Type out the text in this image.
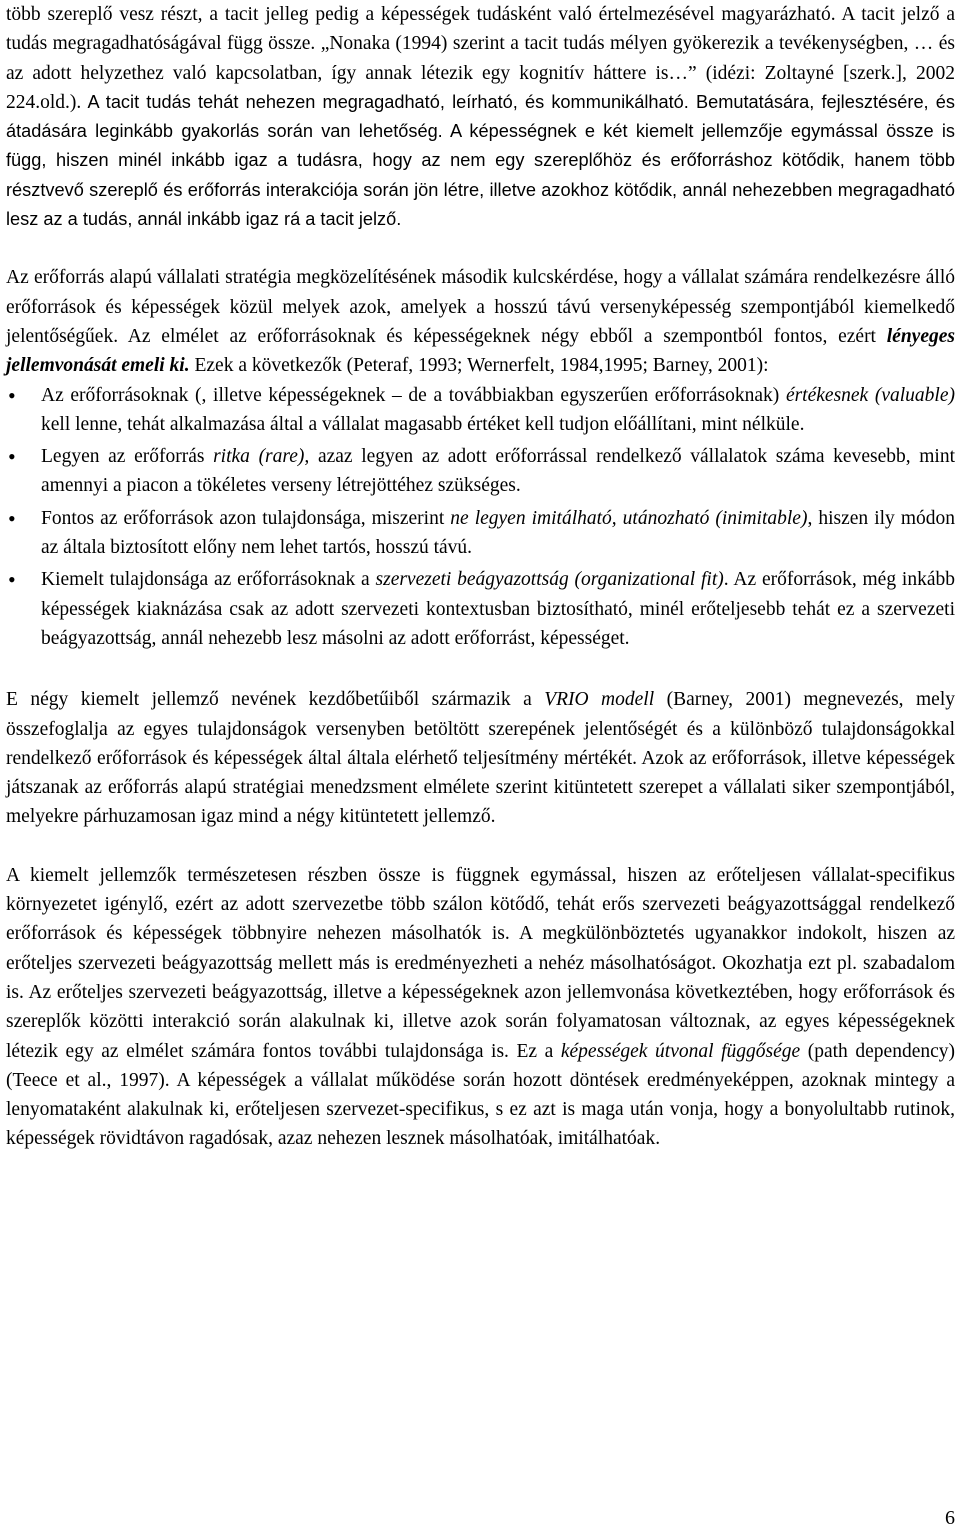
több szereplő vesz részt, a tacit jelleg pedig a képességek tudásként való értelmezésével magyarázható. A tacit jelző a tudás megragadhatóságával függ össze. „Nonaka (1994) szerint a tacit tudás mélyen gyökerezik a tevékenységben, … és az adott helyzethez való kapcsolatban, így annak létezik egy kognitív háttere is…” (idézi: Zoltayné [szerk.], 2002 224.old.). A tacit tudás tehát nehezen megragadható, leírható, és kommunikálható. Bemutatására, fejlesztésére, és átadására leginkább gyakorlás során van lehetőség. A képességnek e két kiemelt jellemzője egymással össze is függ, hiszen minél inkább igaz a tudásra, hogy az nem egy szereplőhöz és erőforráshoz kötődik, hanem több résztvevő szereplő és erőforrás interakciója során jön létre, illetve azokhoz kötődik, annál nehezebben megragadható lesz az a tudás, annál inkább igaz rá a tacit jelző.

Az erőforrás alapú vállalati stratégia megközelítésének második kulcskérdése, hogy a vállalat számára rendelkezésre álló erőforrások és képességek közül melyek azok, amelyek a hosszú távú versenyképesség szempontjából kiemelkedő jelentőségűek. Az elmélet az erőforrásoknak és képességeknek négy ebből a szempontból fontos, ezért lényeges jellemvonását emeli ki. Ezek a következők (Peteraf, 1993; Wernerfelt, 1984,1995; Barney, 2001):

• Az erőforrásoknak (, illetve képességeknek – de a továbbiakban egyszerűen erőforrásoknak) értékesnek (valuable) kell lenne, tehát alkalmazása által a vállalat magasabb értéket kell tudjon előállítani, mint nélküle.
• Legyen az erőforrás ritka (rare), azaz legyen az adott erőforrással rendelkező vállalatok száma kevesebb, mint amennyi a piacon a tökéletes verseny létrejöttéhez szükséges.
• Fontos az erőforrások azon tulajdonsága, miszerint ne legyen imitálható, utánozható (inimitable), hiszen ily módon az általa biztosított előny nem lehet tartós, hosszú távú.
• Kiemelt tulajdonsága az erőforrásoknak a szervezeti beágyazottság (organizational fit). Az erőforrások, még inkább képességek kiaknázása csak az adott szervezeti kontextusban biztosítható, minél erőteljesebb tehát ez a szervezeti beágyazottság, annál nehezebb lesz másolni az adott erőforrást, képességet.

E négy kiemelt jellemző nevének kezdőbetűiből származik a VRIO modell (Barney, 2001) megnevezés, mely összefoglalja az egyes tulajdonságok versenyben betöltött szerepének jelentőségét és a különböző tulajdonságokkal rendelkező erőforrások és képességek által általa elérhető teljesítmény mértékét. Azok az erőforrások, illetve képességek játszanak az erőforrás alapú stratégiai menedzsment elmélete szerint kitüntetett szerepet a vállalati siker szempontjából, melyekre párhuzamosan igaz mind a négy kitüntetett jellemző.

A kiemelt jellemzők természetesen részben össze is függnek egymással, hiszen az erőteljesen vállalat-specifikus környezetet igénylő, ezért az adott szervezetbe több szálon kötődő, tehát erős szervezeti beágyazottsággal rendelkező erőforrások és képességek többnyire nehezen másolhatók is. A megkülönböztetés ugyanakkor indokolt, hiszen az erőteljes szervezeti beágyazottság mellett más is eredményezheti a nehéz másolhatóságot. Okozhatja ezt pl. szabadalom is. Az erőteljes szervezeti beágyazottság, illetve a képességeknek azon jellemvonása következtében, hogy erőforrások és szereplők közötti interakció során alakulnak ki, illetve azok során folyamatosan változnak, az egyes képességeknek létezik egy az elmélet számára fontos további tulajdonsága is. Ez a képességek útvonal függősége (path dependency) (Teece et al., 1997). A képességek a vállalat működése során hozott döntések eredményeképpen, azoknak mintegy a lenyomataként alakulnak ki, erőteljesen szervezet-specifikus, s ez azt is maga után vonja, hogy a bonyolultabb rutinok, képességek rövidtávon ragadósak, azaz nehezen lesznek másolhatóak, imitálhatóak.

6
